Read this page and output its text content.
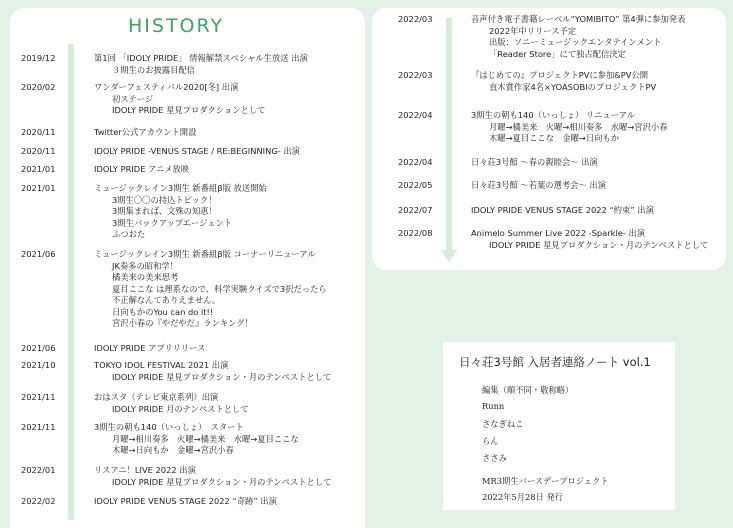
HISTORY
2019/12	第1回 「IDOLY PRIDE」 情報解禁スペシャル生放送 出演
３期生のお披露目配信
2020/02	ワンダーフェスティバル2020[冬] 出演
初ステージ
IDOLY PRIDE 星見プロダクションとして
2020/11	Twitter公式アカウント開設
2020/11	IDOLY PRIDE -VENUS STAGE / RE:BEGINNING- 出演
2021/01	IDOLY PRIDE アニメ放映
2021/01	ミュージックレイン3期生 新番組β版 放送開始
3期生〇〇の持込トピック！
3期集まれば、文殊の知恵！
3期生バックアップエージェント
ふつおた
2021/06	ミュージックレイン3期生 新番組β版 コーナーリニューアル
JK奏多の昭和学！
橘美来の美来思考
夏目ここな は理系なので、科学実験クイズで3択だったら
不正解なんてありえません。
日向もかのYou can do it!!
宮沢小春の『やだやだ』ランキング！
2021/06	IDOLY PRIDE アプリリリース
2021/10	TOKYO IDOL FESTIVAL 2021 出演
IDOLY PRIDE 星見プロダクション・月のテンペストとして
2021/11	おはスタ（テレビ東京系列）出演
IDOLY PRIDE 月のテンペストとして
2021/11	3期生の朝も140（いっしょ）　スタート
月曜→相川奏多　火曜→橘美来　水曜→夏目ここな
木曜→日向もか　金曜→宮沢小春
2022/01	リスアニ！LIVE 2022 出演
IDOLY PRIDE 星見プロダクション・月のテンペストとして
2022/02	IDOLY PRIDE VENUS STAGE 2022 “奇跡” 出演
2022/03	音声付き電子書籍レーベル“YOMIBITO” 第4弾に参加発表
2022年中リリース予定
出版：ソニーミュージックエンタテインメント
「Reader Store」にて独占配信決定
2022/03	『はじめての』プロジェクトPVに参加&PV公開
直木賞作家4名×YOASOBIのプロジェクトPV
2022/04	3期生の朝も140（いっしょ） リニューアル
月曜→橘美来　火曜→相川奏多　水曜→宮沢小春
木曜→夏目ここな　金曜→日向もか
2022/04	日々荘3号館 〜春の親睦会〜 出演
2022/05	日々荘3号館 〜若葉の選考会〜 出演
2022/07	IDOLY PRIDE VENUS STAGE 2022 “約束” 出演
2022/08	Animelo Summer Live 2022 -Sparkle- 出演
IDOLY PRIDE 星見プロダクション・月のテンペストとして
日々荘3号館 入居者連絡ノート vol.1
編集（順不同・敬称略）
Runn
さなぎねこ
らん
ささみ
MR3期生バースデープロジェクト
2022年5月28日 発行
